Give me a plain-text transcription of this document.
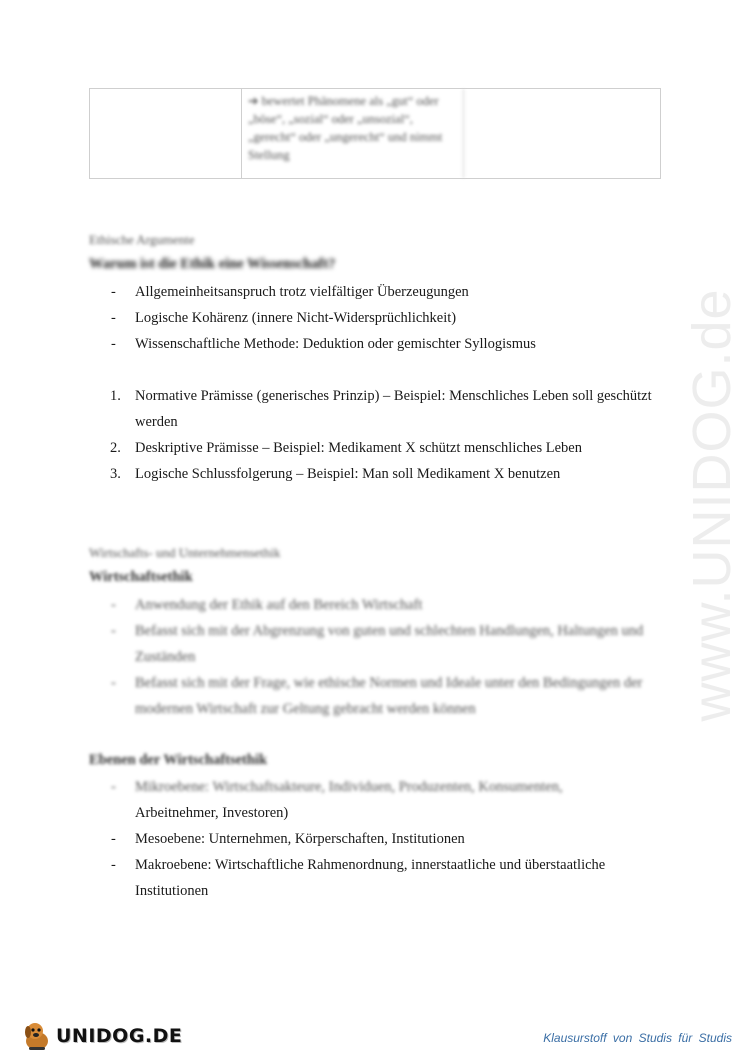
➔ bewertet Phänomene als „gut“ oder „böse“, „sozial“ oder „unsozial“, „gerecht“ oder „ungerecht“ und nimmt Stellung
Ethische Argumente
Warum ist die Ethik eine Wissenschaft?
- Allgemeinheitsanspruch trotz vielfältiger Überzeugungen
- Logische Kohärenz (innere Nicht-Widersprüchlichkeit)
- Wissenschaftliche Methode: Deduktion oder gemischter Syllogismus
1. Normative Prämisse (generisches Prinzip) – Beispiel: Menschliches Leben soll geschützt werden
2. Deskriptive Prämisse – Beispiel: Medikament X schützt menschliches Leben
3. Logische Schlussfolgerung – Beispiel: Man soll Medikament X benutzen
Wirtschafts- und Unternehmensethik
Wirtschaftsethik
- Anwendung der Ethik auf den Bereich Wirtschaft
- Befasst sich mit der Abgrenzung von guten und schlechten Handlungen, Haltungen und Zuständen
- Befasst sich mit der Frage, wie ethische Normen und Ideale unter den Bedingungen der modernen Wirtschaft zur Geltung gebracht werden können
Ebenen der Wirtschaftsethik
- Mikroebene: Wirtschaftsakteure, Individuen, Produzenten, Konsumenten,
Arbeitnehmer, Investoren)
- Mesoebene: Unternehmen, Körperschaften, Institutionen
- Makroebene: Wirtschaftliche Rahmenordnung, innerstaatliche und überstaatliche Institutionen
www.UNIDOG.de
UNIDOG.DE	Klausurstoff von Studis für Studis
